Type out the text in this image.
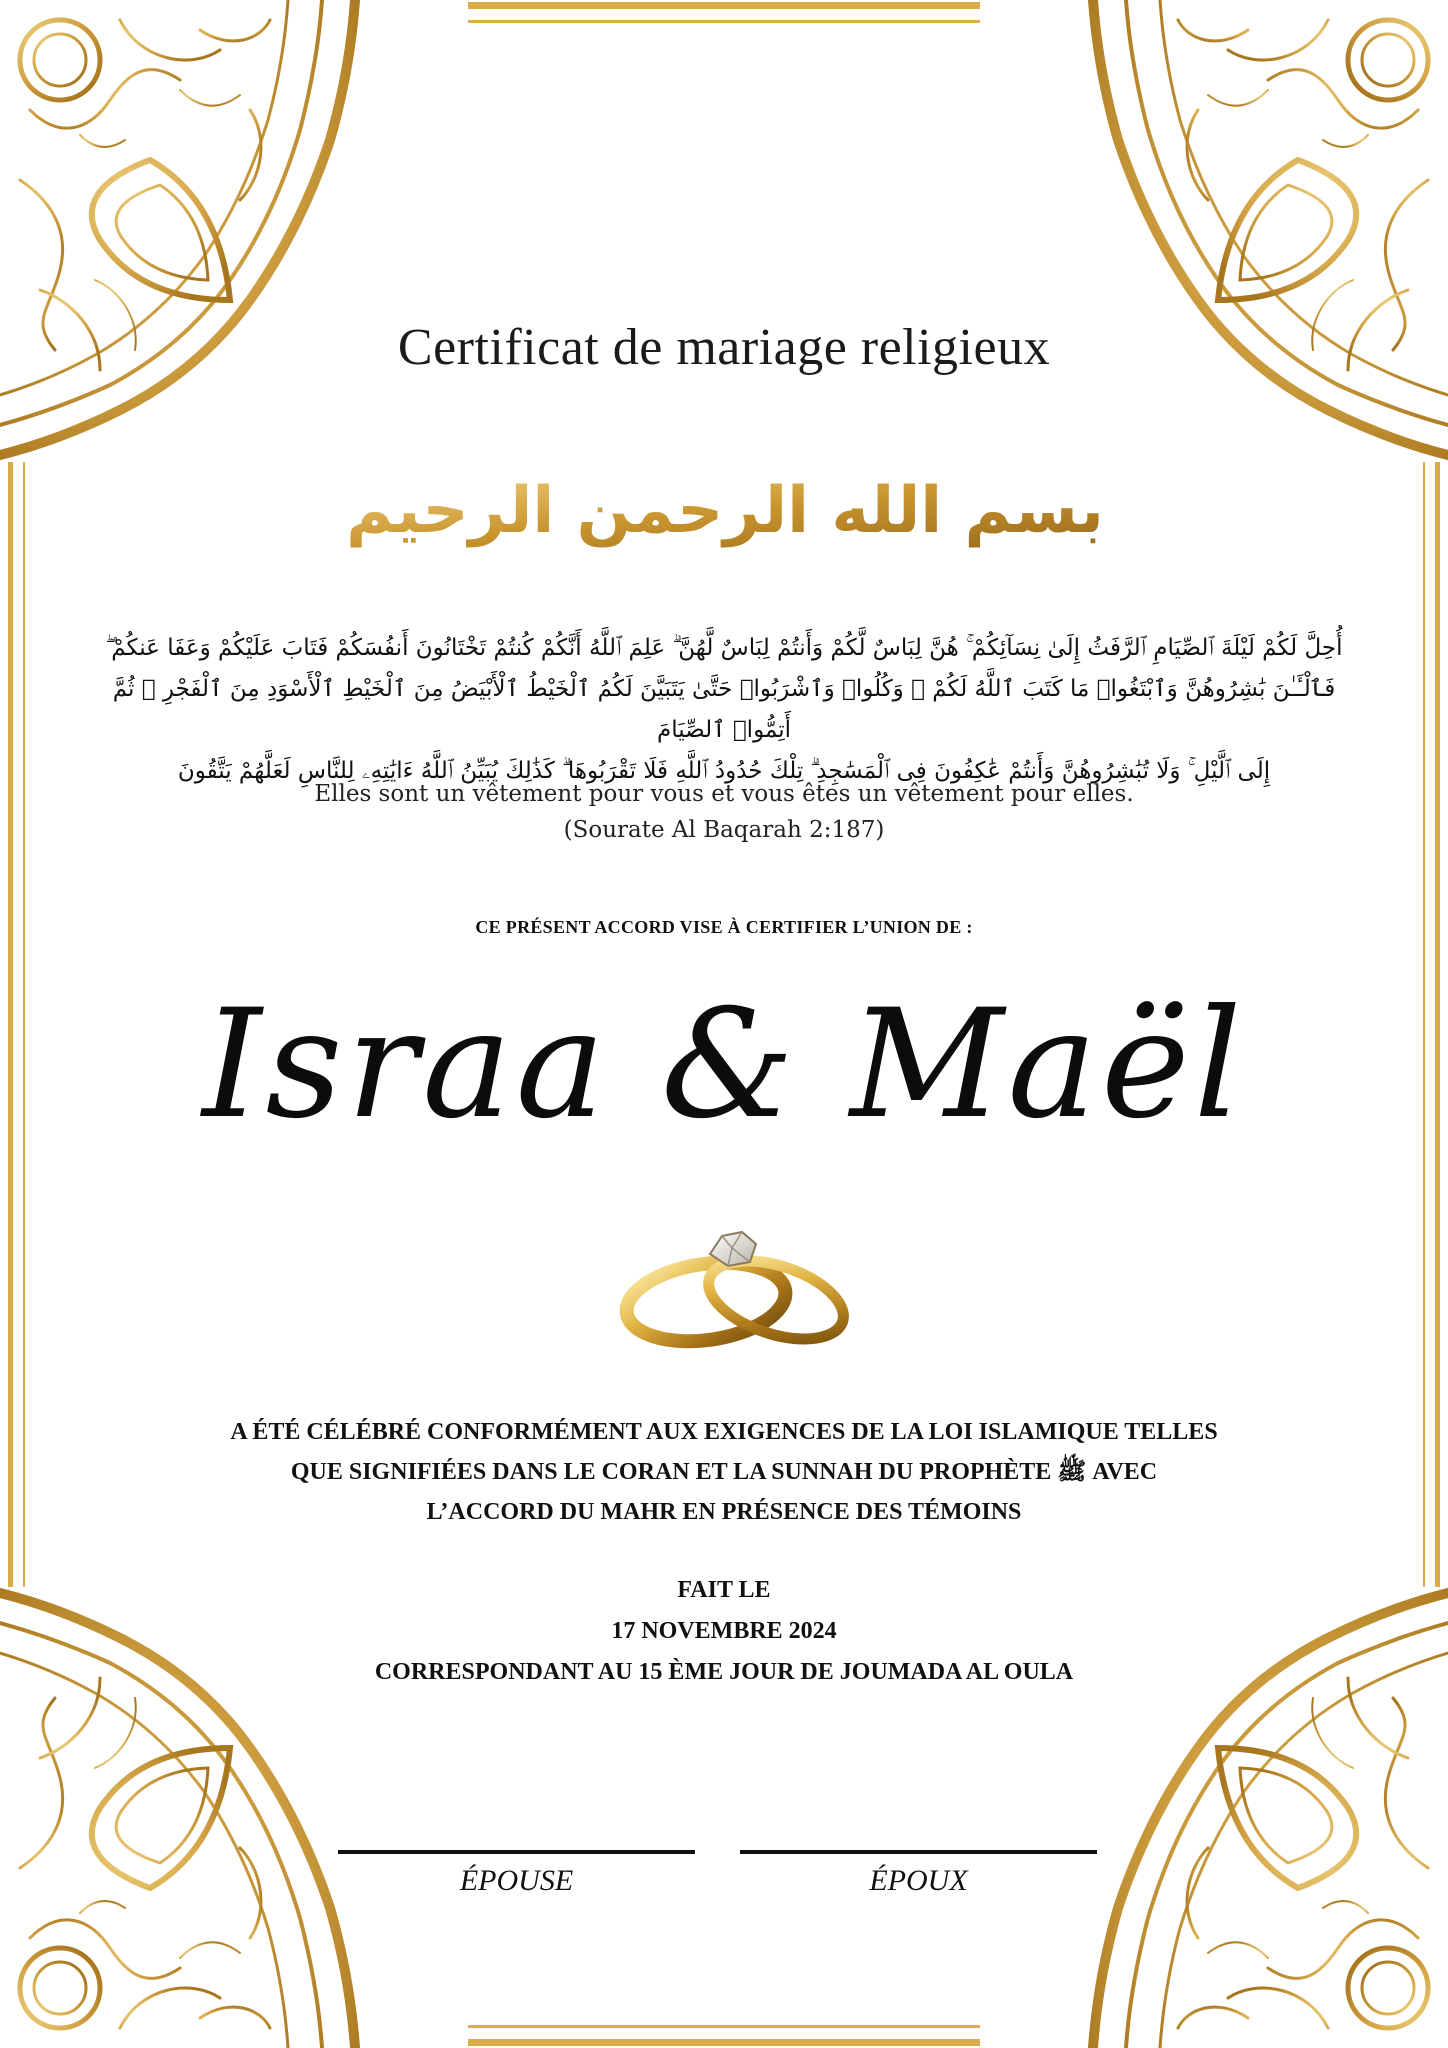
Certificat de mariage religieux
بسم الله الرحمن الرحيم
أُحِلَّ لَكُمْ لَيْلَةَ ٱلصِّيَامِ ٱلرَّفَثُ إِلَىٰ نِسَآئِكُمْ ۚ هُنَّ لِبَاسٌ لَّكُمْ وَأَنتُمْ لِبَاسٌ لَّهُنَّ ۗ عَلِمَ ٱللَّهُ أَنَّكُمْ كُنتُمْ تَخْتَانُونَ أَنفُسَكُمْ فَتَابَ عَلَيْكُمْ وَعَفَا عَنكُمْ ۖ
فَٱلْـَٔـٰنَ بَٰشِرُوهُنَّ وَٱبْتَغُوا۟ مَا كَتَبَ ٱللَّهُ لَكُمْ ۚ وَكُلُوا۟ وَٱشْرَبُوا۟ حَتَّىٰ يَتَبَيَّنَ لَكُمُ ٱلْخَيْطُ ٱلْأَبْيَضُ مِنَ ٱلْخَيْطِ ٱلْأَسْوَدِ مِنَ ٱلْفَجْرِ ۖ ثُمَّ أَتِمُّوا۟ ٱلصِّيَامَ
إِلَى ٱلَّيْلِ ۚ وَلَا تُبَٰشِرُوهُنَّ وَأَنتُمْ عَٰكِفُونَ فِى ٱلْمَسَٰجِدِ ۗ تِلْكَ حُدُودُ ٱللَّهِ فَلَا تَقْرَبُوهَا ۗ كَذَٰلِكَ يُبَيِّنُ ٱللَّهُ ءَايَٰتِهِۦ لِلنَّاسِ لَعَلَّهُمْ يَتَّقُونَ
Elles sont un vêtement pour vous et vous êtes un vêtement pour elles.
(Sourate Al Baqarah 2:187)
CE PRÉSENT ACCORD VISE À CERTIFIER L’UNION DE :
Israa & Maël
A ÉTÉ CÉLÉBRÉ CONFORMÉMENT AUX EXIGENCES DE LA LOI ISLAMIQUE TELLES
QUE SIGNIFIÉES DANS LE CORAN ET LA SUNNAH DU PROPHÈTE ﷺ AVEC
L’ACCORD DU MAHR EN PRÉSENCE DES TÉMOINS
FAIT LE
17 NOVEMBRE 2024
CORRESPONDANT AU 15 ÈME JOUR DE JOUMADA AL OULA
ÉPOUSE	ÉPOUX
